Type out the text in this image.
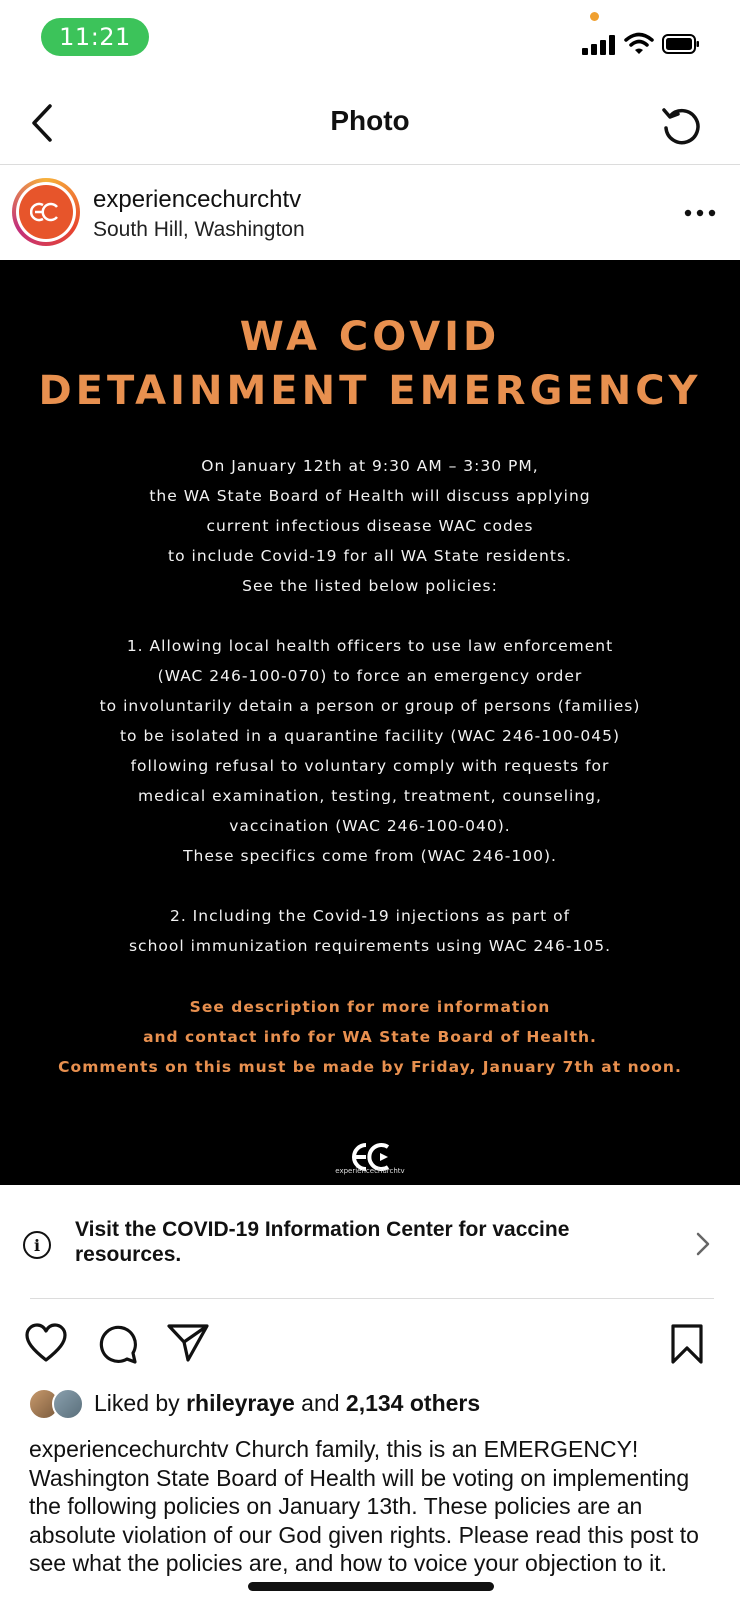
11:21
Photo
experiencechurchtv
South Hill, Washington
WA COVID
DETAINMENT EMERGENCY
On January 12th at 9:30 AM – 3:30 PM,
the WA State Board of Health will discuss applying
current infectious disease WAC codes
to include Covid-19 for all WA State residents.
See the listed below policies:
1. Allowing local health officers to use law enforcement
(WAC 246-100-070) to force an emergency order
to involuntarily detain a person or group of persons (families)
to be isolated in a quarantine facility (WAC 246-100-045)
following refusal to voluntary comply with requests for
medical examination, testing, treatment, counseling,
vaccination (WAC 246-100-040).
These specifics come from (WAC 246-100).
2. Including the Covid-19 injections as part of
school immunization requirements using WAC 246-105.
See description for more information
and contact info for WA State Board of Health.
Comments on this must be made by Friday, January 7th at noon.
experiencechurchtv
i
Visit the COVID-19 Information Center for vaccine resources.
Liked by rhileyraye and 2,134 others
experiencechurchtv Church family, this is an EMERGENCY! Washington State Board of Health will be voting on implementing the following policies on January 13th. These policies are an absolute violation of our God given rights. Please read this post to see what the policies are, and how to voice your objection to it.
